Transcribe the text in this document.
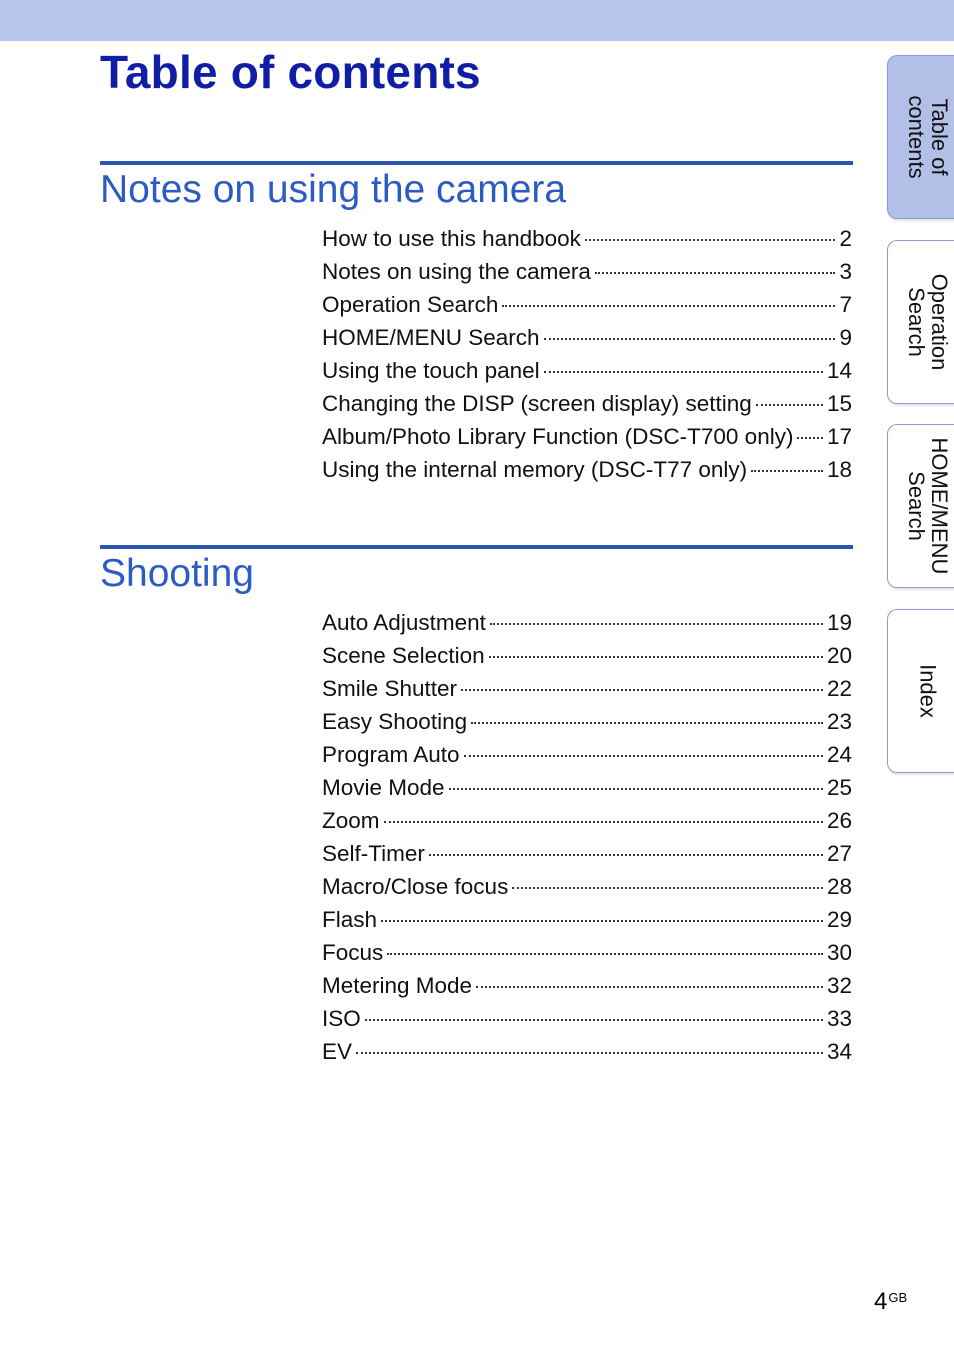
Table of contents
Notes on using the camera
How to use this handbook	2
Notes on using the camera	3
Operation Search	7
HOME/MENU Search	9
Using the touch panel	14
Changing the DISP (screen display) setting	15
Album/Photo Library Function (DSC-T700 only) 17
Using the internal memory (DSC-T77 only)	18
Shooting
Auto Adjustment	19
Scene Selection	20
Smile Shutter	22
Easy Shooting	23
Program Auto	24
Movie Mode	25
Zoom	26
Self-Timer	27
Macro/Close focus	28
Flash	29
Focus	30
Metering Mode	32
ISO	33
EV	34
Table of
contents
Operation
Search
HOME/MENU
Search
Index
$4^{GB}$
